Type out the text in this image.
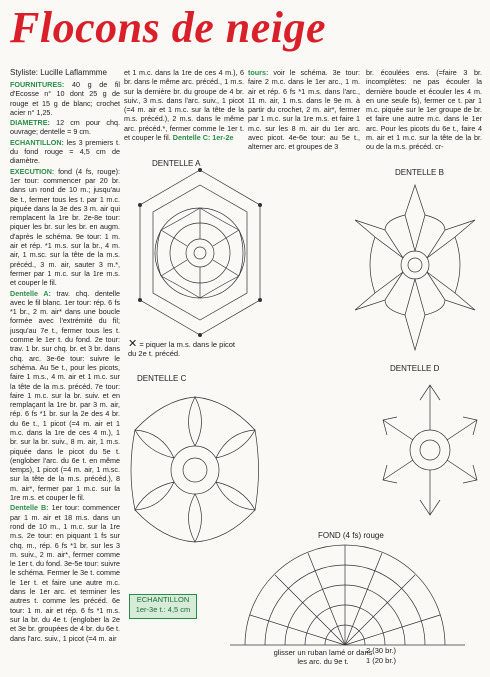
Flocons de neige
Styliste: Lucille Laflammme

FOURNITURES: 40 g de fil d'Ecosse n° 10 dont 25 g de rouge et 15 g de blanc; crochet acier n° 1,25.

DIAMETRE: 12 cm pour chq. ouvrage; dentelle = 9 cm.

ECHANTILLON: les 3 premiers t. du fond rouge = 4,5 cm de diamètre.

EXECUTION: fond (4 fs, rouge): 1er tour: commencer par 20 br. dans un rond de 10 m.; jusqu'au 8e t., fermer tous les t. par 1 m.c. piquée dans la 3e des 3 m. air qui remplacent la 1re br. 2e-8e tour: piquer les br. sur les br. en augm. d'après le schéma. 9e tour: 1 m. air et rép. *1 m.s. sur la br., 4 m. air, 1 m.sc. sur la tête de la m.s. précéd., 3 m. air, sauter 3 m.*, fermer par 1 m.c. sur la 1re m.s. et couper le fil.

Dentelle A: trav. chq. dentelle avec le fil blanc. 1er tour: rép. 6 fs *1 br., 2 m. air* dans une boucle formée avec l'extrémité du fil; jusqu'au 7e t., fermer tous les t. comme le 1er t. du fond. 2e tour: trav. 1 br. sur chq. br. et 3 br. dans chq. arc. 3e-6e tour: suivre le schéma. Au 5e t., pour les picots, faire 1 m.s., 4 m. air et 1 m.c. sur la tête de la m.s. précéd. 7e tour: faire 1 m.c. sur la br. suiv. et en remplaçant la 1re br. par 3 m. air, rép. 6 fs *1 br. sur la 2e des 4 br. du 6e t., 1 picot (=4 m. air et 1 m.c. dans la 1re de ces 4 m.), 1 br. sur la br. suiv., 8 m. air, 1 m.s. piquée dans le picot du 5e t. (englober l'arc. du 6e t. en même temps), 1 picot (=4 m. air, 1 m.sc. sur la tête de la m.s. précéd.), 8 m. air*, fermer par 1 m.c. sur la 1re m.s. et couper le fil.

Dentelle B: 1er tour: commencer par 1 m. air et 18 m.s. dans un rond de 10 m., 1 m.c. sur la 1re m.s. 2e tour: en piquant 1 fs sur chq. m., rép. 6 fs *1 br. sur les 3 m. suiv., 2 m. air*, fermer comme le 1er t. du fond. 3e-5e tour: suivre le schéma. Fermer le 3e t. comme le 1er t. et faire une autre m.c. dans le 1er arc. et terminer les autres t. comme les précéd. 6e tour: 1 m. air et rép. 6 fs *1 m.s. sur la br. du 4e t. (englober la 2e et 3e br. groupées de 4 br. du 6e t. dans l'arc. suiv., 1 picot (=4 m. air

et 1 m.c. dans la 1re de ces 4 m.), 6 br. dans le même arc. précéd., 1 m.s. sur la dernière br. du groupe de 4 br. suiv., 3 m.s. dans l'arc. suiv., 1 picot (=4 m. air et 1 m.c. sur la tête de la m.s. précéd.), 2 m.s. dans le même arc. précéd.*, fermer comme le 1er t. et couper le fil. Dentelle C: 1er-2e

tours: voir le schéma. 3e tour: faire 2 m.c. dans le 1er arc., 1 m. air et rép. 6 fs *1 m.s. dans l'arc., 11 m. air, 1 m.s. dans le 9e m. à partir du crochet, 2 m. air*, fermer par 1 m.c. sur la 1re m.s. et faire 1 m.c. sur les 8 m. air du 1er arc. avec picot. 4e-6e tour: au 5e t., alterner arc. et groupes de 3

br. écoulées ens. (=faire 3 br. incomplètes: ne pas écouler la dernière boucle et écouler les 4 m. en une seule fs), fermer ce t. par 1 m.c. piquée sur le 1er groupe de br. et faire une autre m.c. dans le 1er arc. Pour les picots du 6e t., faire 4 m. air et 1 m.c. sur la tête de la br. ou de la m.s. précéd. cr-

DENTELLE A
DENTELLE B
DENTELLE C
DENTELLE D
FOND (4 fs) rouge
✕ = piquer la m.s. dans le picot du 2e t. précéd.
ECHANTILLON
1er-3e t.: 4,5 cm
glisser un ruban lamé or dans les arc. du 9e t.
2 (30 br.)
1 (20 br.)
